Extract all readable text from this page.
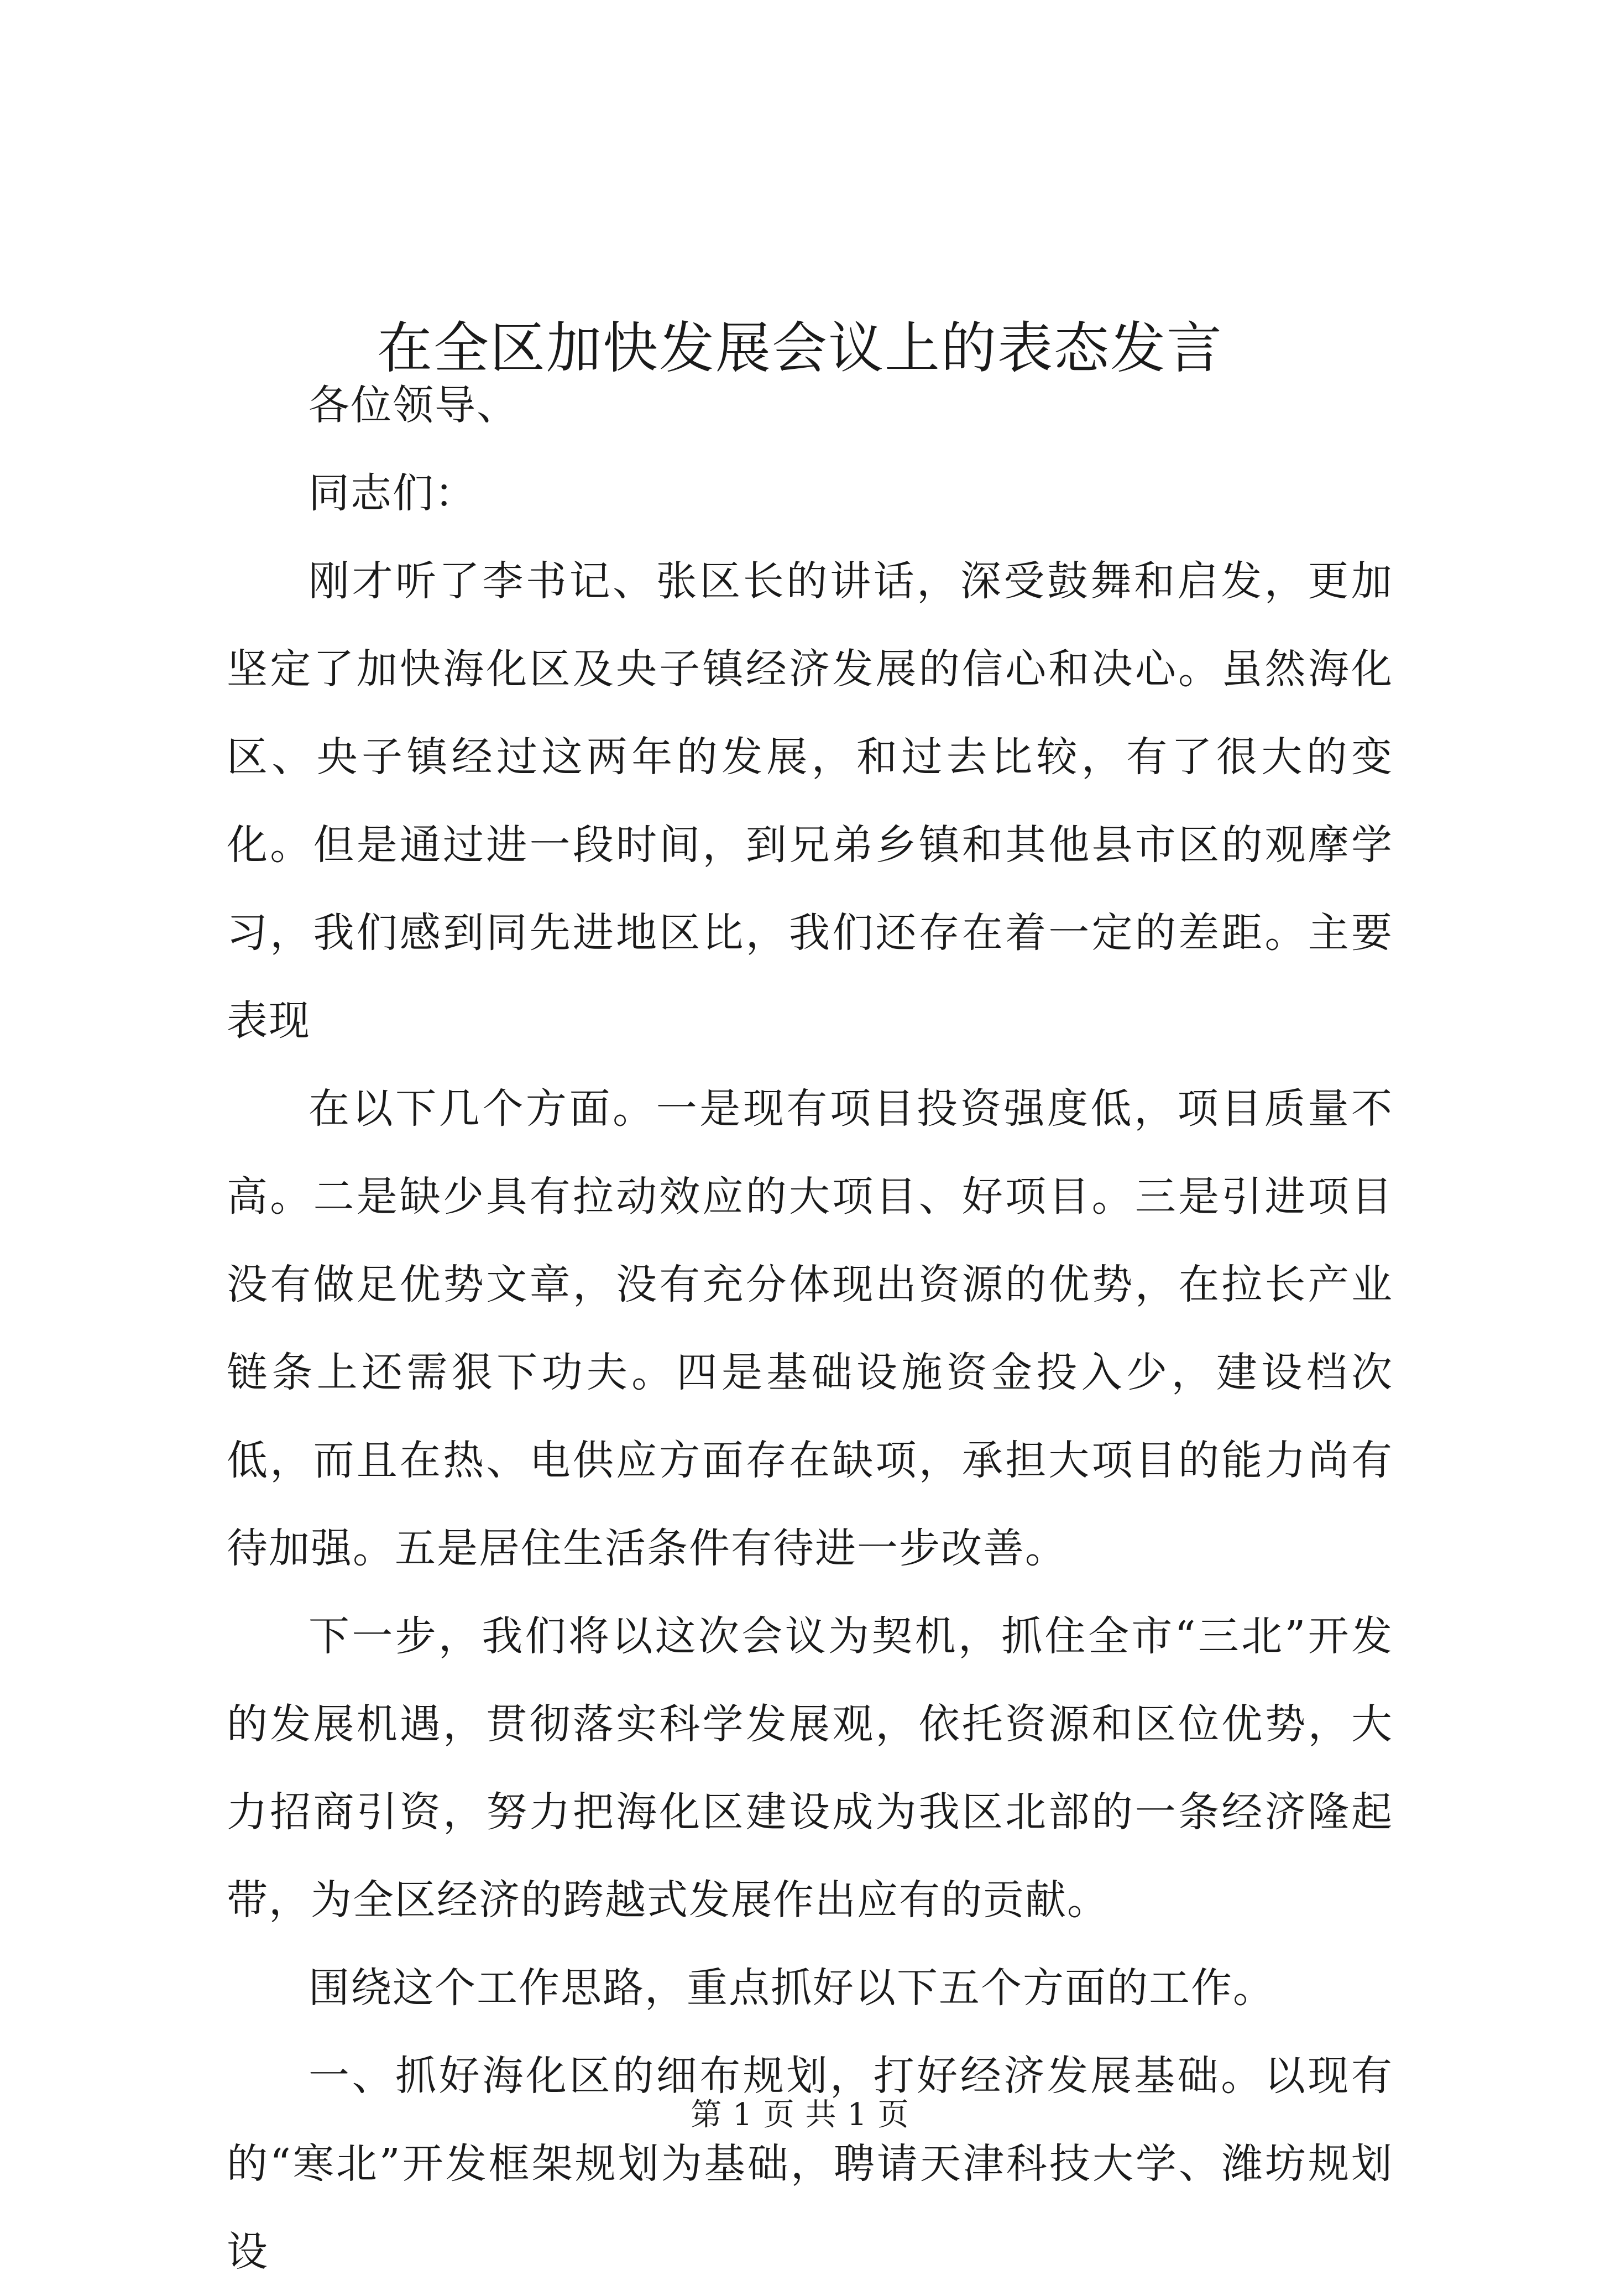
在全区加快发展会议上的表态发言

各位领导、

同志们：

刚才听了李书记、张区长的讲话，深受鼓舞和启发，更加坚定了加快海化区及央子镇经济发展的信心和决心。虽然海化区、央子镇经过这两年的发展，和过去比较，有了很大的变化。但是通过进一段时间，到兄弟乡镇和其他县市区的观摩学习，我们感到同先进地区比，我们还存在着一定的差距。主要表现

在以下几个方面。一是现有项目投资强度低，项目质量不高。二是缺少具有拉动效应的大项目、好项目。三是引进项目没有做足优势文章，没有充分体现出资源的优势，在拉长产业链条上还需狠下功夫。四是基础设施资金投入少，建设档次低，而且在热、电供应方面存在缺项，承担大项目的能力尚有待加强。五是居住生活条件有待进一步改善。

下一步，我们将以这次会议为契机，抓住全市“三北”开发的发展机遇，贯彻落实科学发展观，依托资源和区位优势，大力招商引资，努力把海化区建设成为我区北部的一条经济隆起带，为全区经济的跨越式发展作出应有的贡献。

围绕这个工作思路，重点抓好以下五个方面的工作。

一、抓好海化区的细布规划，打好经济发展基础。以现有的“寒北”开发框架规划为基础，聘请天津科技大学、潍坊规划设

第 1 页 共 1 页
